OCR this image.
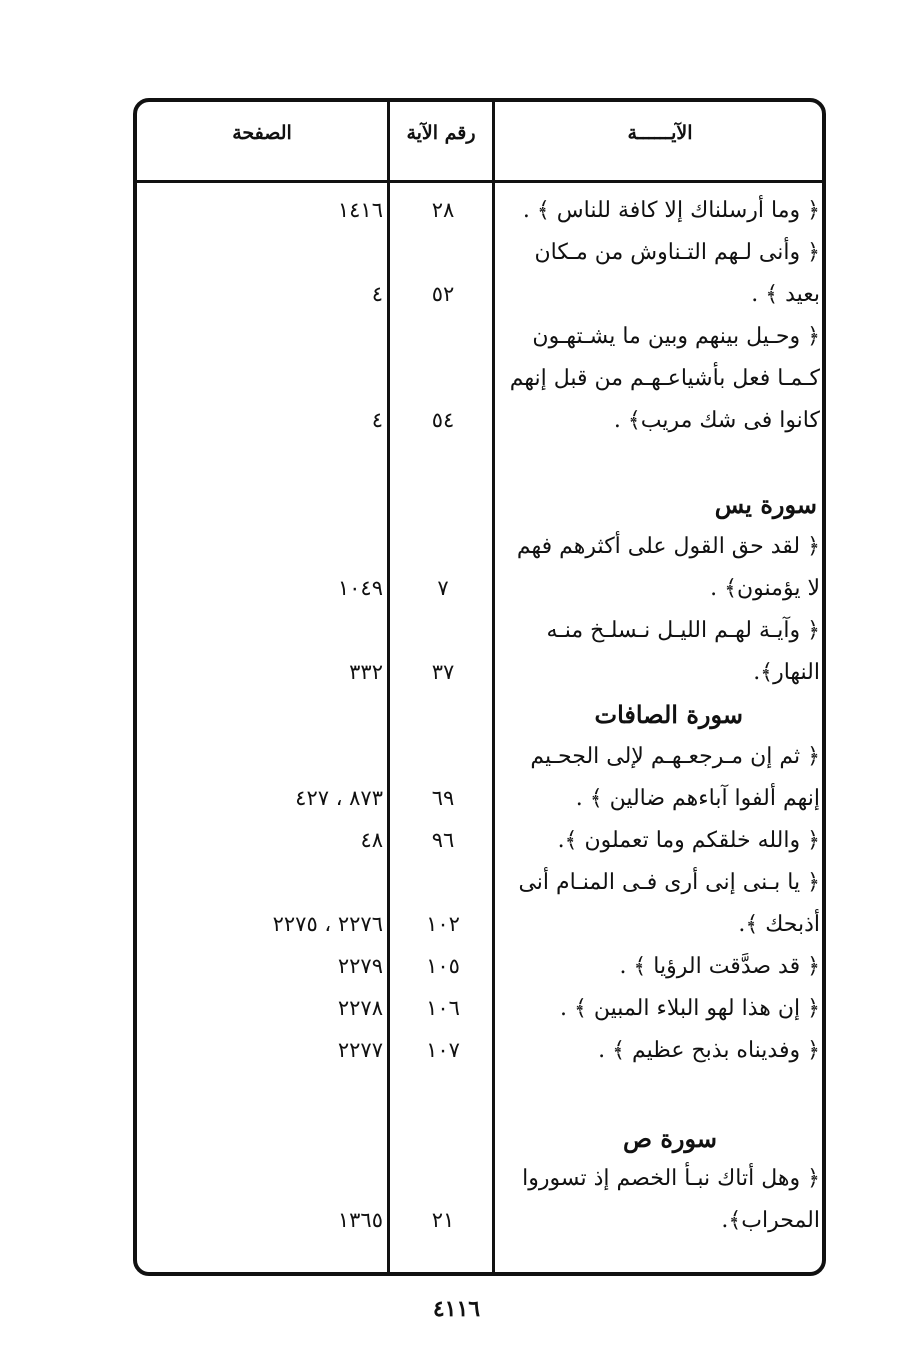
الآيــــــة
رقم الآية
الصفحة
﴿ وما أرسلناك إلا كافة للناس ﴾ .
﴿ وأنى لـهم التـناوش من مـكان
بعيد ﴾ .
﴿ وحـيل بينهم وبين ما يشـتهـون
كـمـا فعل بأشياعـهـم من قبل إنهم
كانوا فى شك مريب﴾ .
سورة يس
﴿ لقد حق القول على أكثرهم فهم
لا يؤمنون﴾ .
﴿ وآيـة لهـم الليـل نـسلـخ منـه
النهار﴾.
سورة الصافات
﴿ ثم إن مـرجعـهـم لإلى الجحـيم
إنهم ألفوا آباءهم ضالين ﴾ .
﴿ والله خلقكم وما تعملون ﴾.
﴿ يا بـنى إنى أرى فـى المنـام أنى
أذبحك ﴾.
﴿ قد صدَّقت الرؤيا ﴾ .
﴿ إن هذا لهو البلاء المبين ﴾ .
﴿ وفديناه بذبح عظيم ﴾ .
سورة ص
﴿ وهل أتاك نبـأ الخصم إذ تسوروا
المحراب﴾.
٢٨
٥٢
٥٤
٧
٣٧
٦٩
٩٦
١٠٢
١٠٥
١٠٦
١٠٧
٢١
١٤١٦
٤
٤
١٠٤٩
٣٣٢
٨٧٣ ، ٤٢٧
٤٨
٢٢٧٦ ، ٢٢٧٥
٢٢٧٩
٢٢٧٨
٢٢٧٧
١٣٦٥
٤١١٦
